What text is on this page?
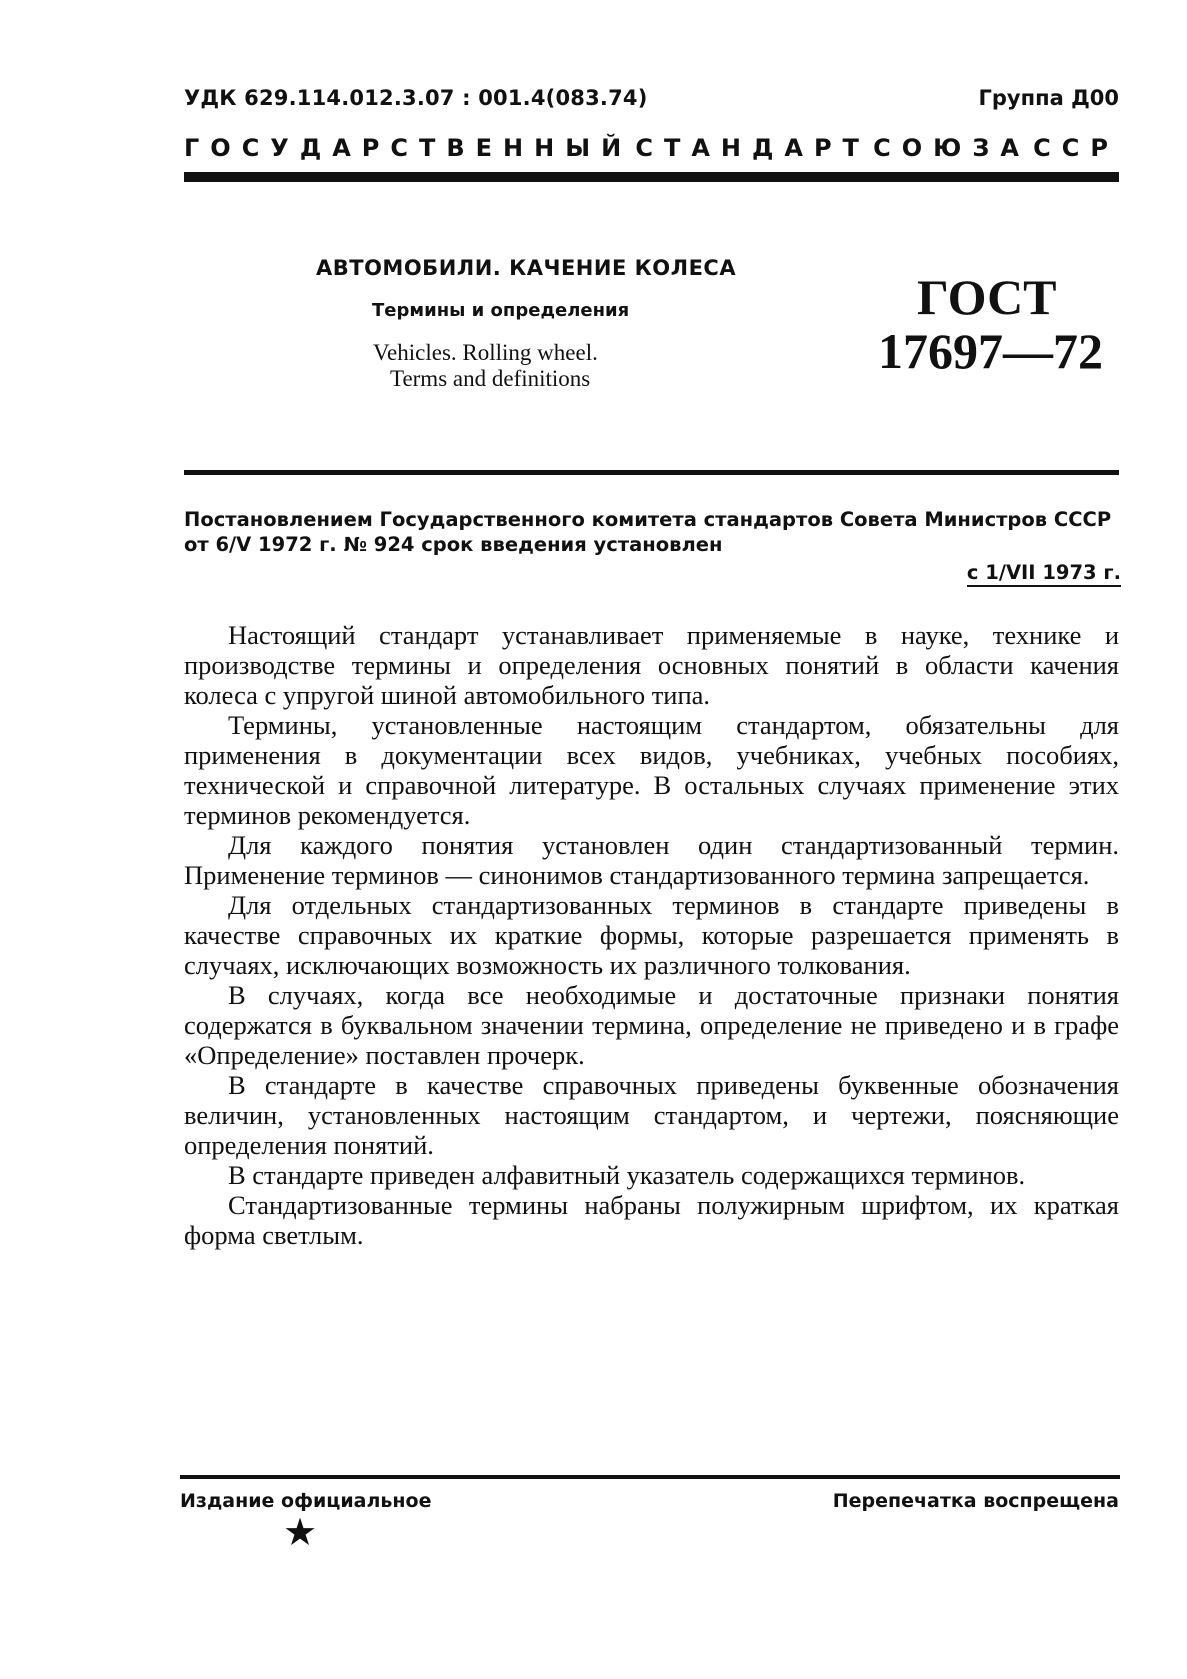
УДК 629.114.012.3.07 : 001.4(083.74)	Группа Д00
ГОСУДАРСТВЕННЫЙ СТАНДАРТ СОЮЗА ССР
АВТОМОБИЛИ. КАЧЕНИЕ КОЛЕСА
Термины и определения
Vehicles. Rolling wheel.
Terms and definitions
ГОСТ
17697—72
Постановлением Государственного комитета стандартов Совета Министров СССР
от 6/V 1972 г. № 924 срок введения установлен
с 1/VII 1973 г.

Настоящий стандарт устанавливает применяемые в науке, технике и производстве термины и определения основных понятий в области качения колеса с упругой шиной автомобильного типа.

Термины, установленные настоящим стандартом, обязательны для применения в документации всех видов, учебниках, учебных пособиях, технической и справочной литературе. В остальных случаях применение этих терминов рекомендуется.

Для каждого понятия установлен один стандартизованный термин. Применение терминов — синонимов стандартизованного термина запрещается.

Для отдельных стандартизованных терминов в стандарте приведены в качестве справочных их краткие формы, которые разрешается применять в случаях, исключающих возможность их различного толкования.

В случаях, когда все необходимые и достаточные признаки понятия содержатся в буквальном значении термина, определение не приведено и в графе «Определение» поставлен прочерк.

В стандарте в качестве справочных приведены буквенные обозначения величин, установленных настоящим стандартом, и чертежи, поясняющие определения понятий.

В стандарте приведен алфавитный указатель содержащихся терминов.

Стандартизованные термины набраны полужирным шрифтом, их краткая форма светлым.

Издание официальное	Перепечатка воспрещена
★
